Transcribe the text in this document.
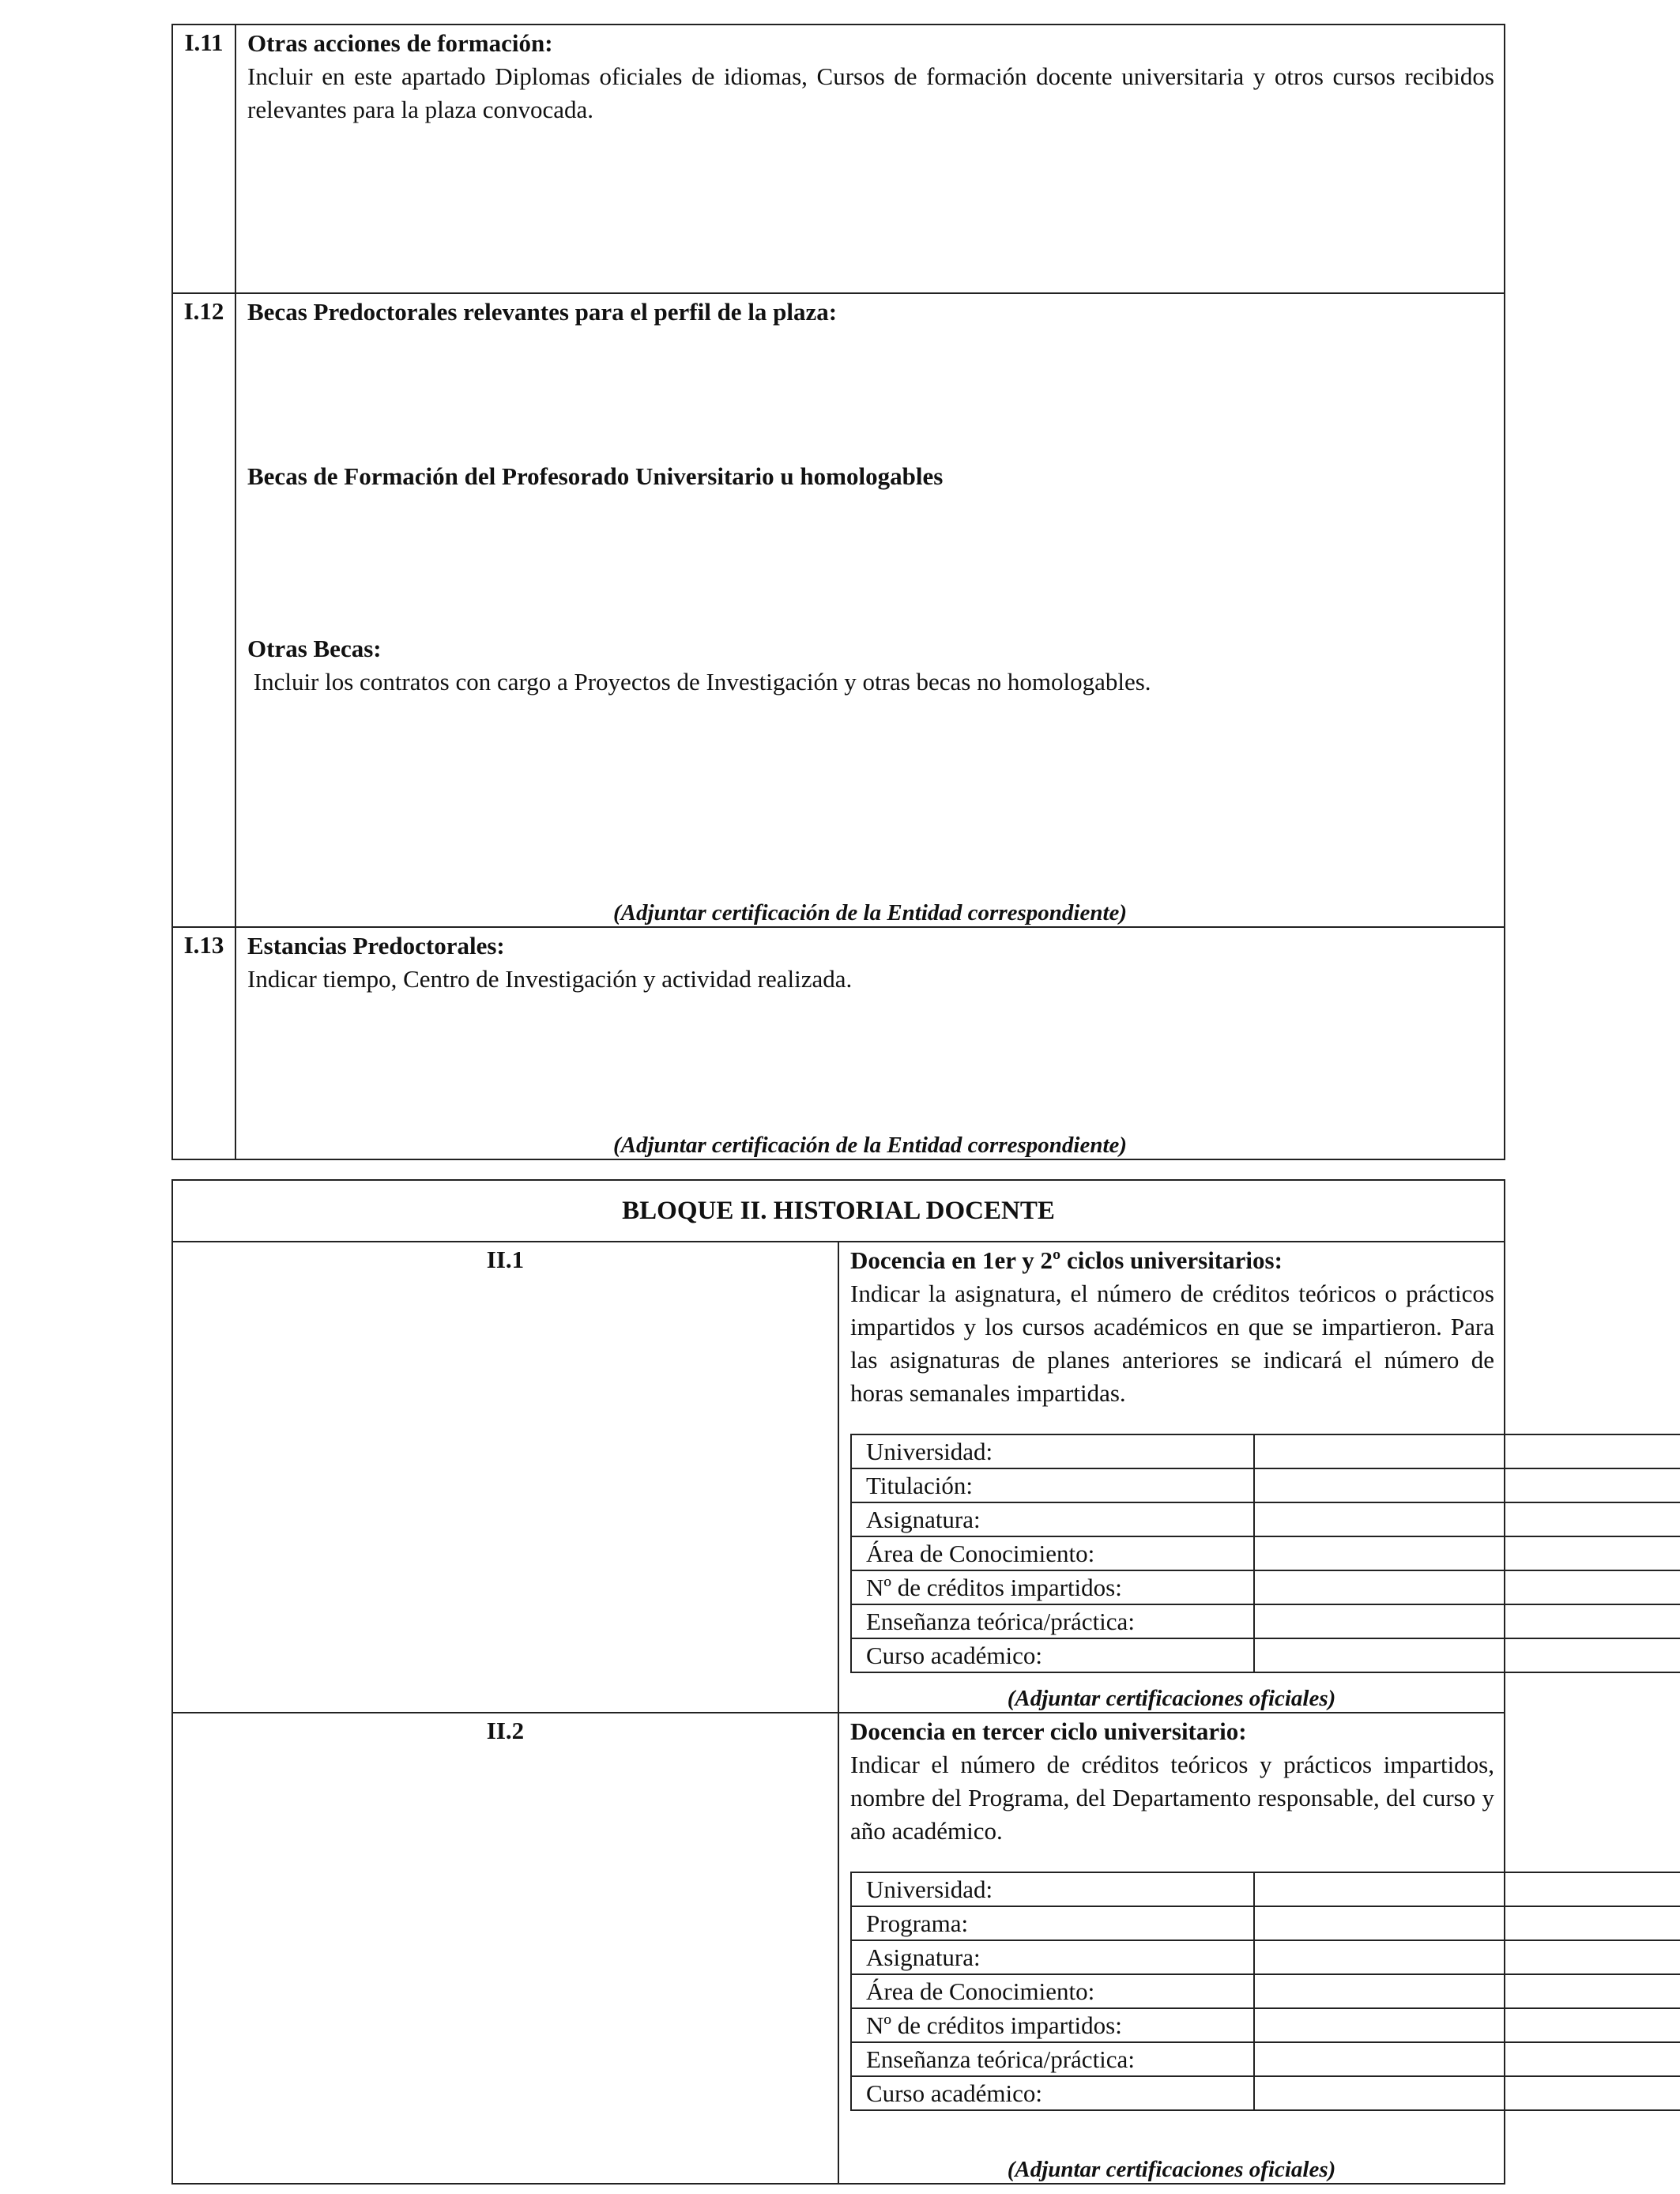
I.11	Otras acciones de formación:
Incluir en este apartado Diplomas oficiales de idiomas, Cursos de formación docente universitaria y otros cursos recibidos relevantes para la plaza convocada.

I.12	Becas Predoctorales relevantes para el perfil de la plaza:
Becas de Formación del Profesorado Universitario u homologables
Otras Becas:
Incluir los contratos con cargo a Proyectos de Investigación y otras becas no homologables.
(Adjuntar certificación de la Entidad correspondiente)

I.13	Estancias Predoctorales:
Indicar tiempo, Centro de Investigación y actividad realizada.
(Adjuntar certificación de la Entidad correspondiente)
BLOQUE II. HISTORIAL DOCENTE
II.1	Docencia en 1er y 2º ciclos universitarios:
Indicar la asignatura, el número de créditos teóricos o prácticos impartidos y los cursos académicos en que se impartieron. Para las asignaturas de planes anteriores se indicará el número de horas semanales impartidas.
Universidad:	
Titulación:	
Asignatura:	
Área de Conocimiento:	
Nº de créditos impartidos:	
Enseñanza teórica/práctica:	
Curso académico:	
(Adjuntar certificaciones oficiales)

II.2	Docencia en tercer ciclo universitario:
Indicar el número de créditos teóricos y prácticos impartidos, nombre del Programa, del Departamento responsable, del curso y año académico.
Universidad:	
Programa:	
Asignatura:	
Área de Conocimiento:	
Nº de créditos impartidos:	
Enseñanza teórica/práctica:	
Curso académico:	
(Adjuntar certificaciones oficiales)
